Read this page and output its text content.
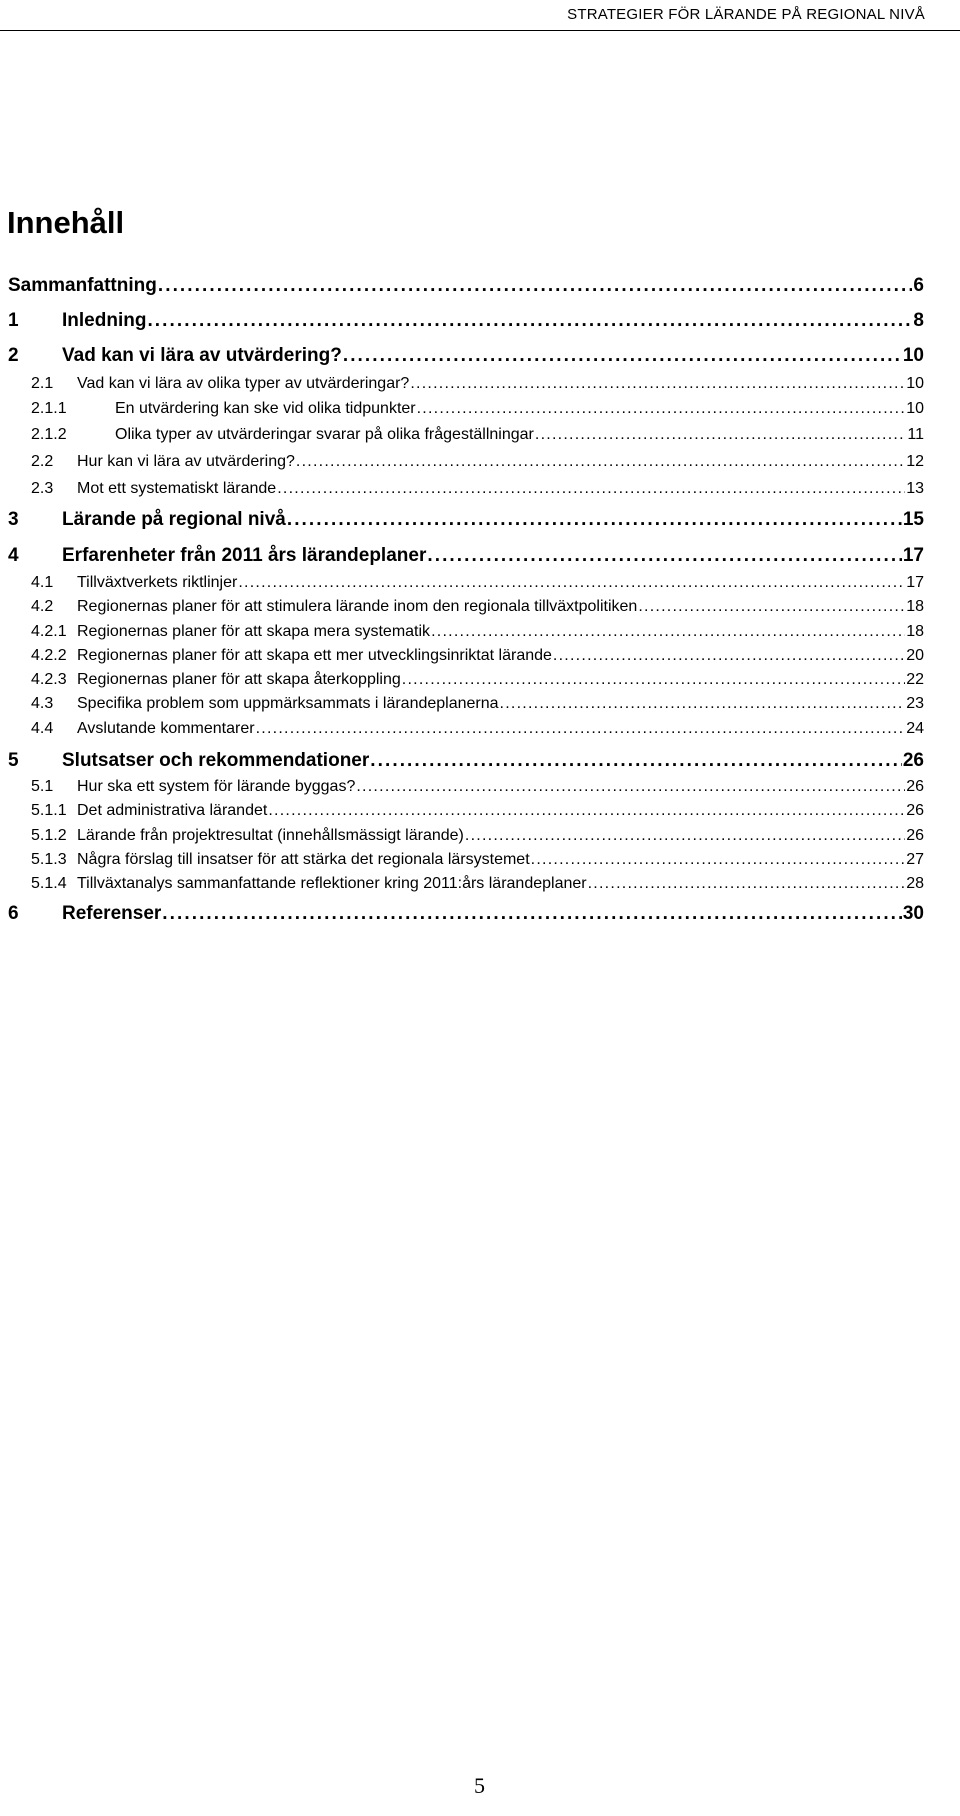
STRATEGIER FÖR LÄRANDE PÅ REGIONAL NIVÅ
Innehåll
Sammanfattning . . .	6
1	Inledning . . .	8
2	Vad kan vi lära av utvärdering? . . .	10
2.1	Vad kan vi lära av olika typer av utvärderingar? . . .	10
2.1.1	En utvärdering kan ske vid olika tidpunkter . . .	10
2.1.2	Olika typer av utvärderingar svarar på olika frågeställningar . . .	11
2.2	Hur kan vi lära av utvärdering? . . .	12
2.3	Mot ett systematiskt lärande . . .	13
3	Lärande på regional nivå . . .	15
4	Erfarenheter från 2011 års lärandeplaner . . .	17
4.1	Tillväxtverkets riktlinjer . . .	17
4.2	Regionernas planer för att stimulera lärande inom den regionala tillväxtpolitiken . . .	18
4.2.1 Regionernas planer för att skapa mera systematik . . .	18
4.2.2 Regionernas planer för att skapa ett mer utvecklingsinriktat lärande . . .	20
4.2.3 Regionernas planer för att skapa återkoppling . . .	22
4.3	Specifika problem som uppmärksammats i lärandeplanerna . . .	23
4.4	Avslutande kommentarer . . .	24
5	Slutsatser och rekommendationer . . .	26
5.1	Hur ska ett system för lärande byggas? . . .	26
5.1.1 Det administrativa lärandet . . .	26
5.1.2 Lärande från projektresultat (innehållsmässigt lärande) . . .	26
5.1.3 Några förslag till insatser för att stärka det regionala lärsystemet . . .	27
5.1.4 Tillväxtanalys sammanfattande reflektioner kring 2011:års lärandeplaner . . .	28
6	Referenser . . .	30
5
